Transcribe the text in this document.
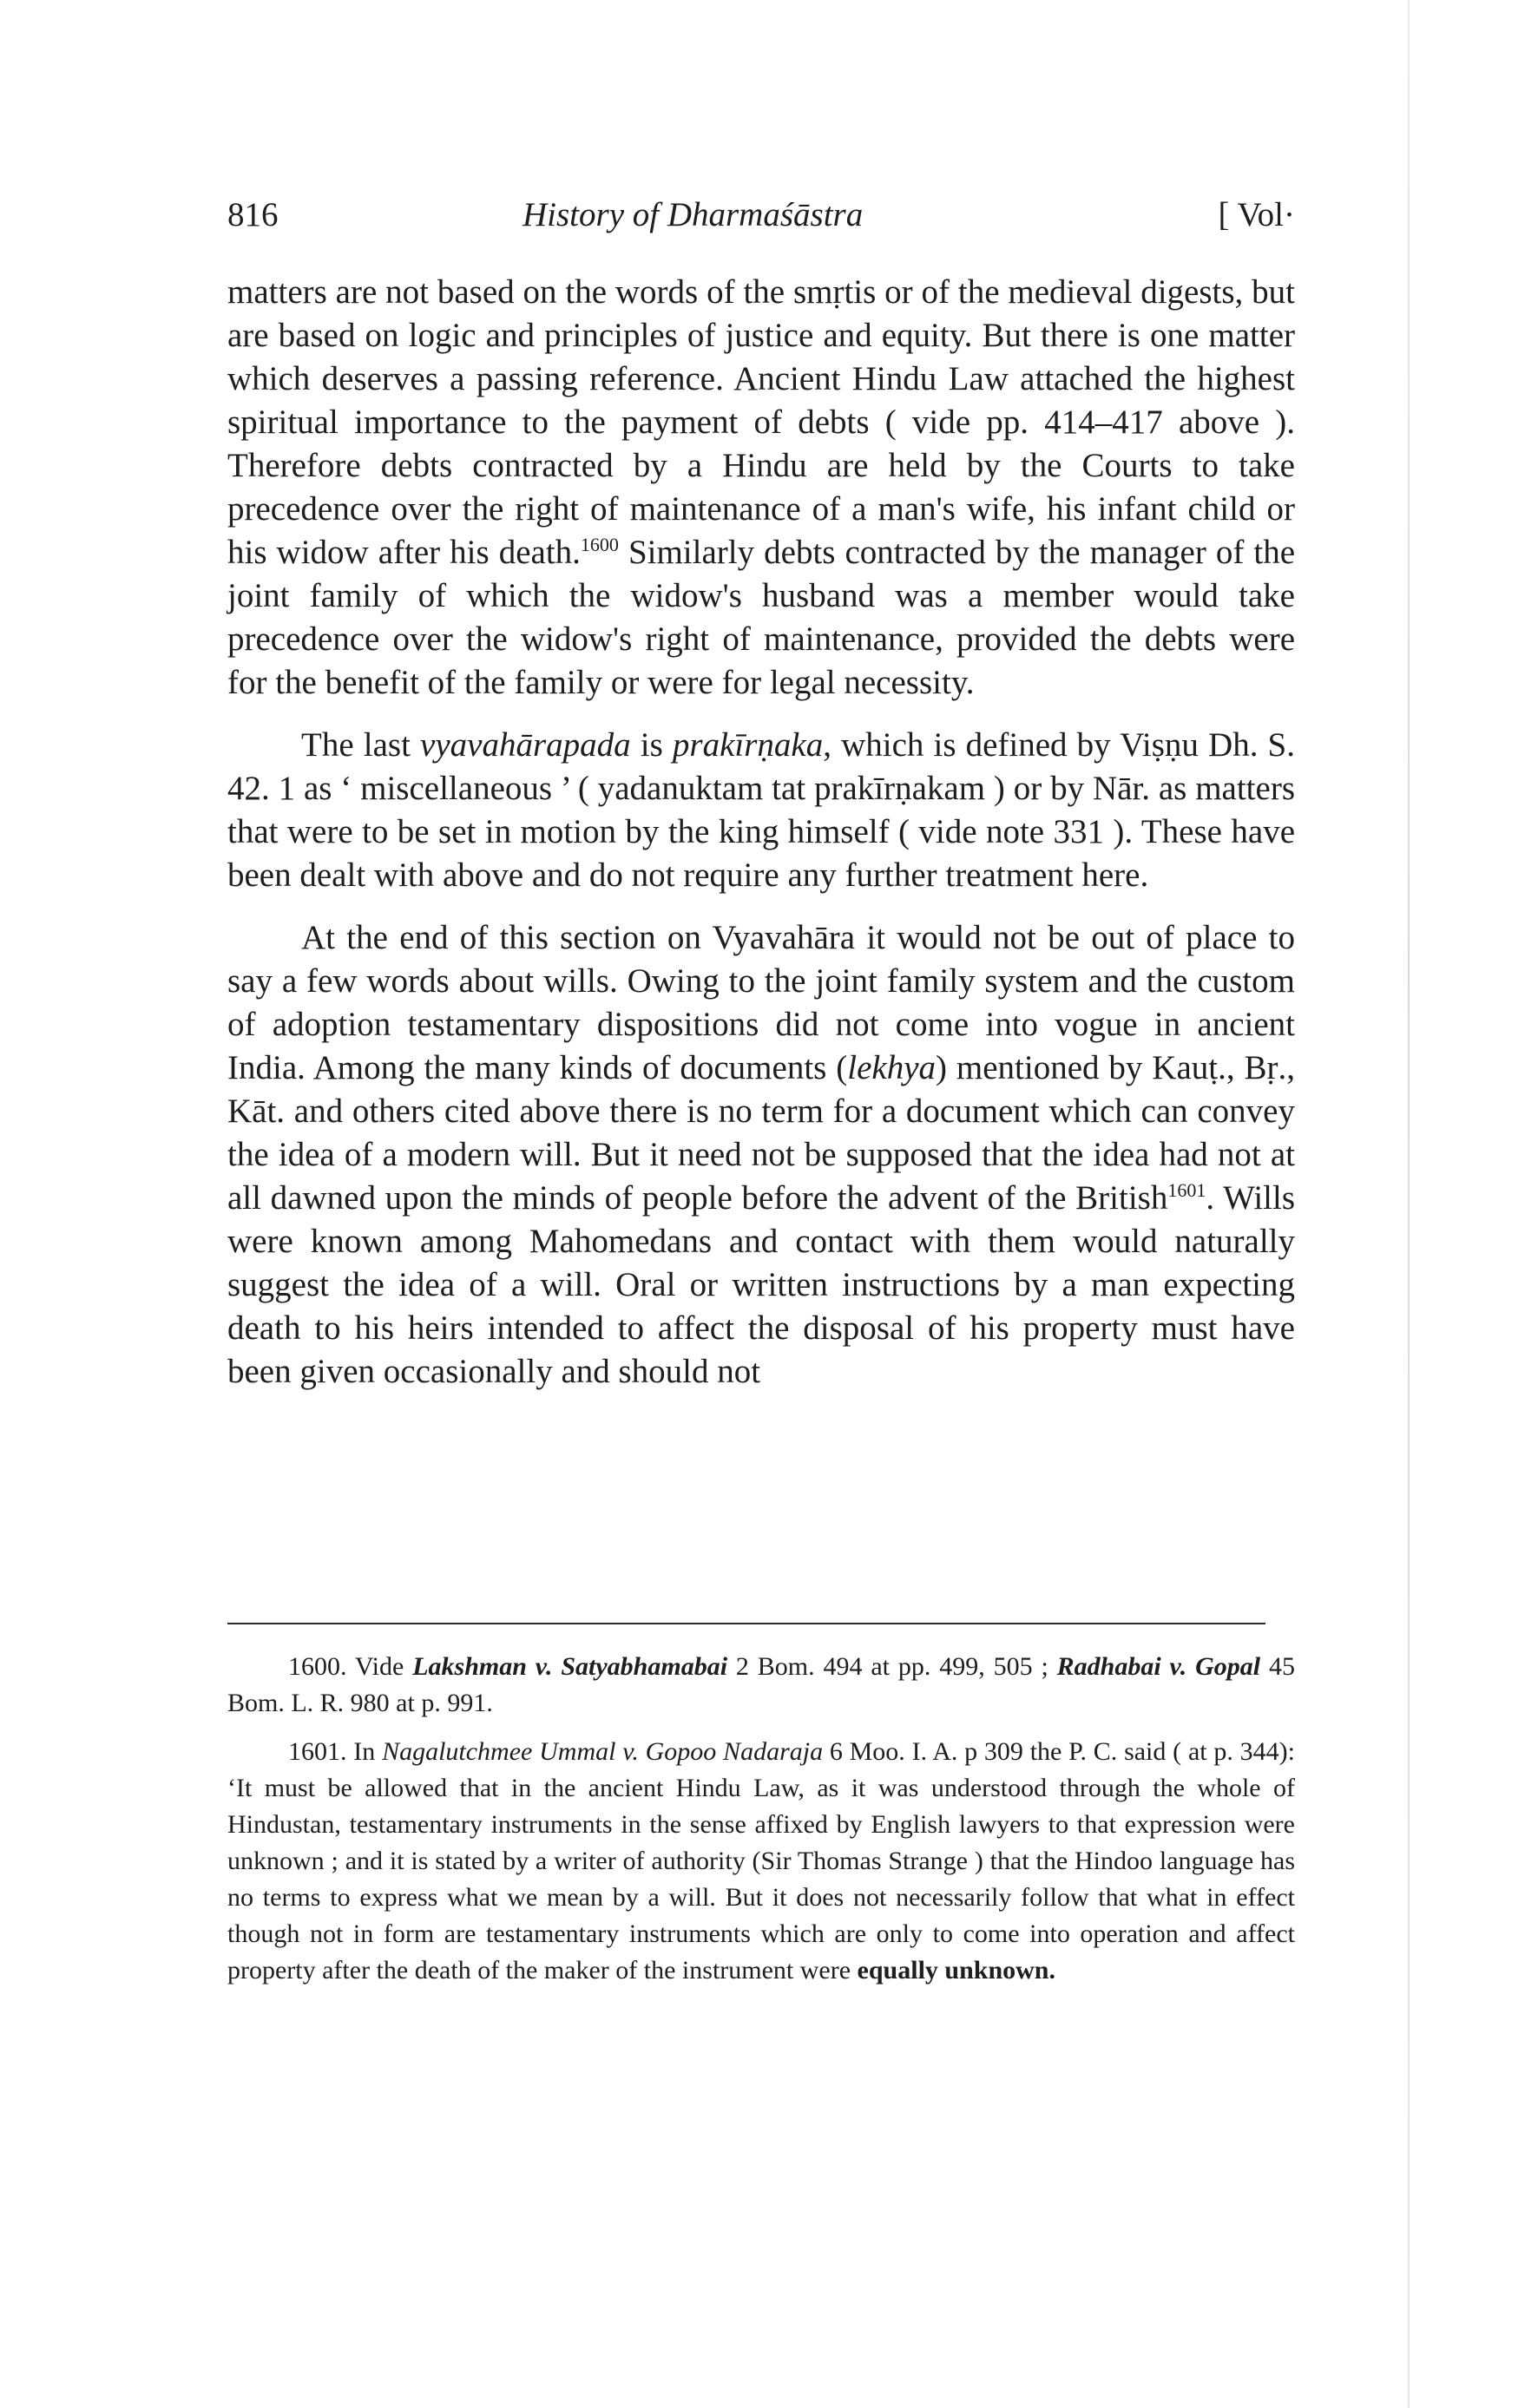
816	History of Dharmaśāstra	[ Vol·

matters are not based on the words of the smṛtis or of the medieval digests, but are based on logic and principles of justice and equity. But there is one matter which deserves a passing reference. Ancient Hindu Law attached the highest spiritual importance to the payment of debts ( vide pp. 414–417 above ). Therefore debts contracted by a Hindu are held by the Courts to take precedence over the right of maintenance of a man's wife, his infant child or his widow after his death.$^{1600}$ Similarly debts contracted by the manager of the joint family of which the widow's husband was a member would take precedence over the widow's right of maintenance, provided the debts were for the benefit of the family or were for legal necessity.

The last vyavahārapada is prakīrṇaka, which is defined by Viṣṇu Dh. S. 42. 1 as ‘ miscellaneous ’ ( yadanuktam tat prakīrṇakam ) or by Nār. as matters that were to be set in motion by the king himself ( vide note 331 ). These have been dealt with above and do not require any further treatment here.

At the end of this section on Vyavahāra it would not be out of place to say a few words about wills. Owing to the joint family system and the custom of adoption testamentary dispositions did not come into vogue in ancient India. Among the many kinds of documents (lekhya) mentioned by Kauṭ., Bṛ., Kāt. and others cited above there is no term for a document which can convey the idea of a modern will. But it need not be supposed that the idea had not at all dawned upon the minds of people before the advent of the British$^{1601}$. Wills were known among Mahomedans and contact with them would naturally suggest the idea of a will. Oral or written instructions by a man expecting death to his heirs intended to affect the disposal of his property must have been given occasionally and should not

1600. Vide Lakshman v. Satyabhamabai 2 Bom. 494 at pp. 499, 505 ; Radhabai v. Gopal 45 Bom. L. R. 980 at p. 991.

1601. In Nagalutchmee Ummal v. Gopoo Nadaraja 6 Moo. I. A. p 309 the P. C. said ( at p. 344): ‘It must be allowed that in the ancient Hindu Law, as it was understood through the whole of Hindustan, testamentary instruments in the sense affixed by English lawyers to that expression were unknown ; and it is stated by a writer of authority (Sir Thomas Strange ) that the Hindoo language has no terms to express what we mean by a will. But it does not necessarily follow that what in effect though not in form are testamentary instruments which are only to come into operation and affect property after the death of the maker of the instrument were equally unknown.
